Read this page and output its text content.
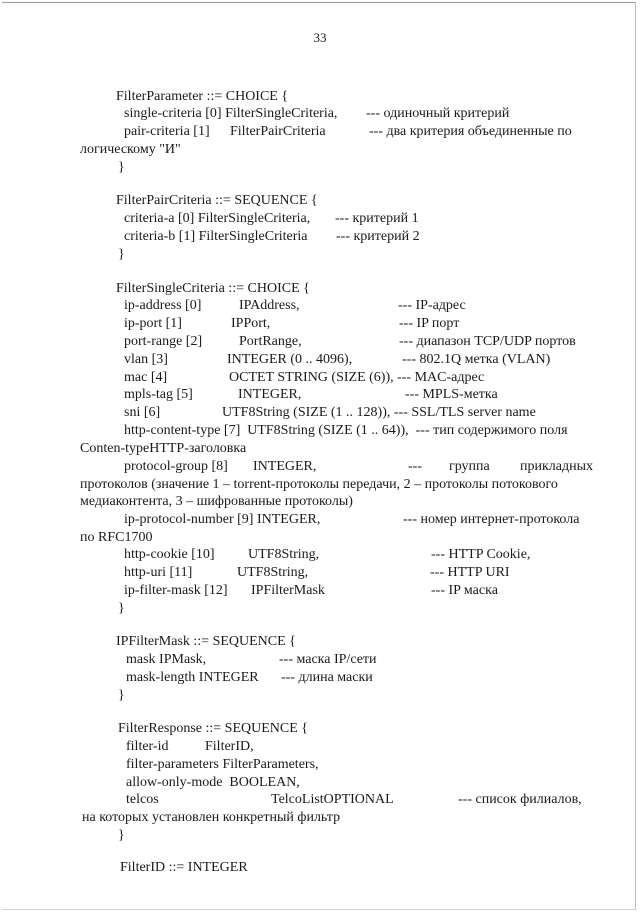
33
FilterParameter ::= CHOICE {
single-criteria [0] FilterSingleCriteria, --- одиночный критерий
pair-criteria [1] FilterPairCriteria	--- два критерия объединенные по
логическому "И"
}
FilterPairCriteria ::= SEQUENCE {
criteria-a [0] FilterSingleCriteria, --- критерий 1
criteria-b [1] FilterSingleCriteria --- критерий 2
}
FilterSingleCriteria ::= CHOICE {
ip-address [0]	IPAddress,	--- IP-адрес
ip-port [1]	IPPort,	--- IP порт
port-range [2]	PortRange,	--- диапазон TCP/UDP портов
vlan [3]	INTEGER (0 .. 4096),	--- 802.1Q метка (VLAN)
mac [4]	OCTET STRING (SIZE (6)), --- MAC-адрес
mpls-tag [5]	INTEGER,	--- MPLS-метка
sni [6]	UTF8String (SIZE (1 .. 128)), --- SSL/TLS server name
http-content-type [7]  UTF8String (SIZE (1 .. 64)),  --- тип содержимого поля
Conten-typeHTTP-заголовка
protocol-group [8] INTEGER,	--- группа прикладных
протоколов (значение 1 – torrent-протоколы передачи, 2 – протоколы потокового
медиаконтента, 3 – шифрованные протоколы)
ip-protocol-number [9] INTEGER,	--- номер интернет-протокола
по RFC1700
http-cookie [10] UTF8String,	--- HTTP Cookie,
http-uri [11]	UTF8String,	--- HTTP URI
ip-filter-mask [12] IPFilterMask	--- IP маска
}
IPFilterMask ::= SEQUENCE {
mask IPMask,	--- маска IP/сети
mask-length INTEGER --- длина маски
}
FilterResponse ::= SEQUENCE {
filter-id	FilterID,
filter-parameters FilterParameters,
allow-only-mode  BOOLEAN,
telcos	TelcoListOPTIONAL	--- список филиалов,
на которых установлен конкретный фильтр
}
FilterID ::= INTEGER
